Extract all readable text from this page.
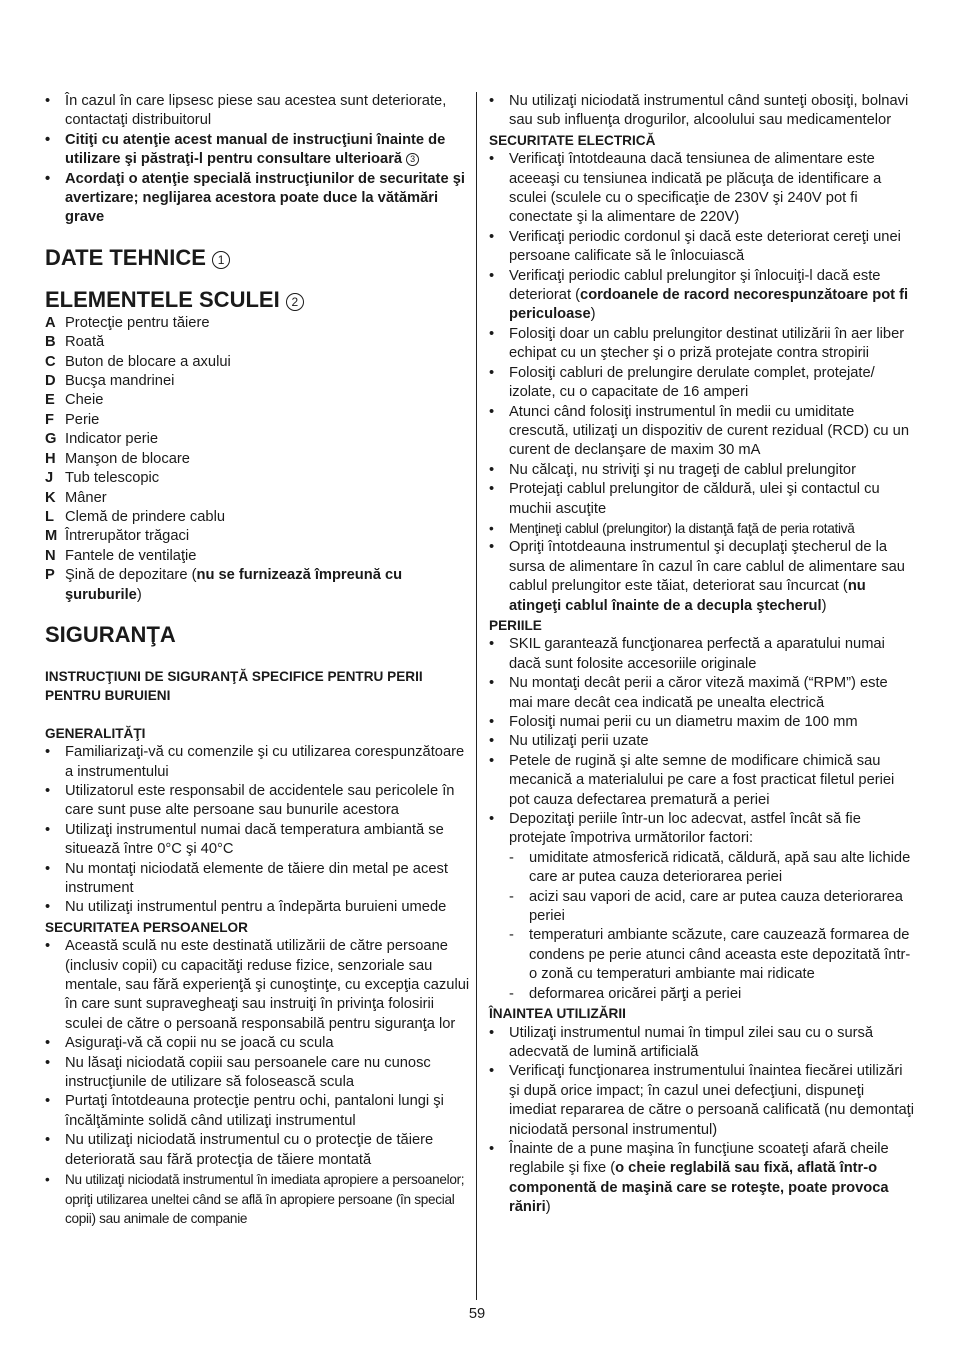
• În cazul în care lipsesc piese sau acestea sunt deteriorate, contactaţi distribuitorul
• Citiţi cu atenţie acest manual de instrucţiuni înainte de utilizare şi păstraţi-l pentru consultare ulterioară 3
• Acordaţi o atenţie specială instrucţiunilor de securitate şi avertizare; neglijarea acestora poate duce la vătămări grave
DATE TEHNICE 1
ELEMENTELE SCULEI 2
A Protecţie pentru tăiere
B Roată
C Buton de blocare a axului
D Bucşa mandrinei
E Cheie
F Perie
G Indicator perie
H Manşon de blocare
J Tub telescopic
K Mâner
L Clemă de prindere cablu
M Întrerupător trăgaci
N Fantele de ventilaţie
P Şină de depozitare (nu se furnizează împreună cu şuruburile)
SIGURANŢA
INSTRUCŢIUNI DE SIGURANŢĂ SPECIFICE PENTRU PERII PENTRU BURUIENI
GENERALITĂŢI
• Familiarizaţi-vă cu comenzile şi cu utilizarea corespunzătoare a instrumentului
• Utilizatorul este responsabil de accidentele sau pericolele în care sunt puse alte persoane sau bunurile acestora
• Utilizaţi instrumentul numai dacă temperatura ambiantă se situează între 0°C şi 40°C
• Nu montaţi niciodată elemente de tăiere din metal pe acest instrument
• Nu utilizaţi instrumentul pentru a îndepărta buruieni umede
SECURITATEA PERSOANELOR
• Această sculă nu este destinată utilizării de către persoane (inclusiv copii) cu capacităţi reduse fizice, senzoriale sau mentale, sau fără experienţă şi cunoştinţe, cu excepţia cazului în care sunt supravegheaţi sau instruiţi în privinţa folosirii sculei de către o persoană responsabilă pentru siguranţa lor
• Asiguraţi-vă că copii nu se joacă cu scula
• Nu lăsaţi niciodată copiii sau persoanele care nu cunosc instrucţiunile de utilizare să folosească scula
• Purtaţi întotdeauna protecţie pentru ochi, pantaloni lungi şi încălţăminte solidă când utilizaţi instrumentul
• Nu utilizaţi niciodată instrumentul cu o protecţie de tăiere deteriorată sau fără protecţia de tăiere montată
• Nu utilizaţi niciodată instrumentul în imediata apropiere a persoanelor; opriţi utilizarea uneltei când se află în apropiere persoane (în special copii) sau animale de companie
• Nu utilizaţi niciodată instrumentul când sunteţi obosiţi, bolnavi sau sub influenţa drogurilor, alcoolului sau medicamentelor
SECURITATE ELECTRICĂ
• Verificaţi întotdeauna dacă tensiunea de alimentare este aceeaşi cu tensiunea indicată pe plăcuţa de identificare a sculei (sculele cu o specificaţie de 230V şi 240V pot fi conectate şi la alimentare de 220V)
• Verificaţi periodic cordonul şi dacă este deteriorat cereţi unei persoane calificate să le înlocuiască
• Verificaţi periodic cablul prelungitor şi înlocuiţi-l dacă este deteriorat (cordoanele de racord necorespunzătoare pot fi periculoase)
• Folosiţi doar un cablu prelungitor destinat utilizării în aer liber echipat cu un ştecher şi o priză protejate contra stropirii
• Folosiţi cabluri de prelungire derulate complet, protejate/ izolate, cu o capacitate de 16 amperi
• Atunci când folosiţi instrumentul în medii cu umiditate crescută, utilizaţi un dispozitiv de curent rezidual (RCD) cu un curent de declanşare de maxim 30 mA
• Nu călcaţi, nu striviţi şi nu trageţi de cablul prelungitor
• Protejaţi cablul prelungitor de căldură, ulei şi contactul cu muchii ascuţite
• Menţineţi cablul (prelungitor) la distanţă faţă de peria rotativă
• Opriţi întotdeauna instrumentul şi decuplaţi ştecherul de la sursa de alimentare în cazul în care cablul de alimentare sau cablul prelungitor este tăiat, deteriorat sau încurcat (nu atingeţi cablul înainte de a decupla ştecherul)
PERIILE
• SKIL garantează funcţionarea perfectă a aparatului numai dacă sunt folosite accesoriile originale
• Nu montaţi decât perii a căror viteză maximă (“RPM”) este mai mare decât cea indicată pe unealta electrică
• Folosiţi numai perii cu un diametru maxim de 100 mm
• Nu utilizaţi perii uzate
• Petele de rugină şi alte semne de modificare chimică sau mecanică a materialului pe care a fost practicat filetul periei pot cauza defectarea prematură a periei
• Depozitaţi periile într-un loc adecvat, astfel încât să fie protejate împotriva următorilor factori:
- umiditate atmosferică ridicată, căldură, apă sau alte lichide care ar putea cauza deteriorarea periei
- acizi sau vapori de acid, care ar putea cauza deteriorarea periei
- temperaturi ambiante scăzute, care cauzează formarea de condens pe perie atunci când aceasta este depozitată într-o zonă cu temperaturi ambiante mai ridicate
- deformarea oricărei părţi a periei
ÎNAINTEA UTILIZĂRII
• Utilizaţi instrumentul numai în timpul zilei sau cu o sursă adecvată de lumină artificială
• Verificaţi funcţionarea instrumentului înaintea fiecărei utilizări şi după orice impact; în cazul unei defecţiuni, dispuneţi imediat repararea de către o persoană calificată (nu demontaţi niciodată personal instrumentul)
• Înainte de a pune maşina în funcţiune scoateţi afară cheile reglabile şi fixe (o cheie reglabilă sau fixă, aflată într-o componentă de maşină care se roteşte, poate provoca răniri)
59
